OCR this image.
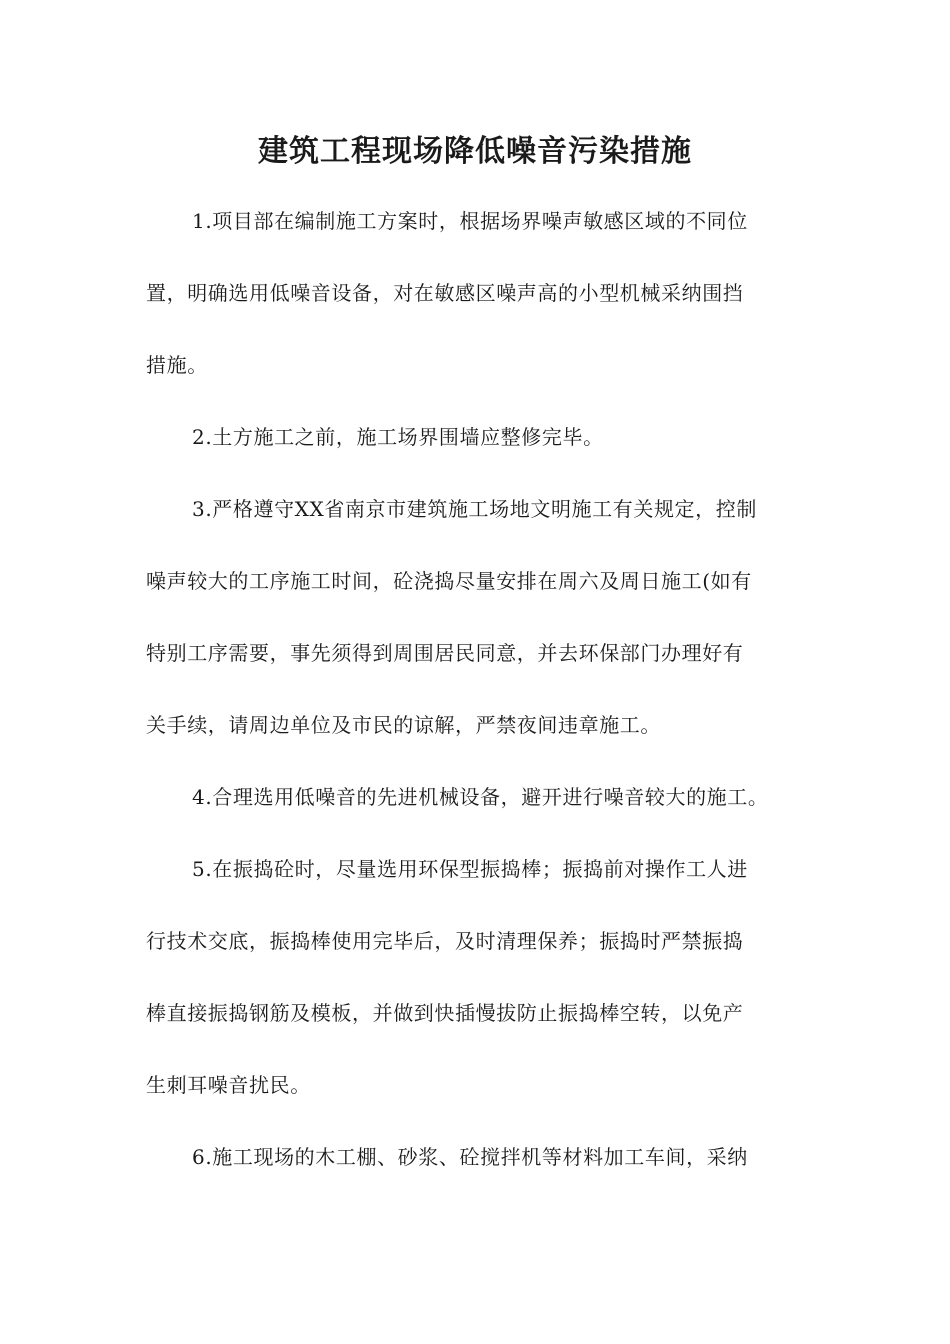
建筑工程现场降低噪音污染措施
1.项目部在编制施工方案时，根据场界噪声敏感区域的不同位
置，明确选用低噪音设备，对在敏感区噪声高的小型机械采纳围挡
措施。
2.土方施工之前，施工场界围墙应整修完毕。
3.严格遵守XX省南京市建筑施工场地文明施工有关规定，控制
噪声较大的工序施工时间，砼浇捣尽量安排在周六及周日施工(如有
特别工序需要，事先须得到周围居民同意，并去环保部门办理好有
关手续，请周边单位及市民的谅解，严禁夜间违章施工。
4.合理选用低噪音的先进机械设备，避开进行噪音较大的施工。
5.在振捣砼时，尽量选用环保型振捣棒；振捣前对操作工人进
行技术交底，振捣棒使用完毕后，及时清理保养；振捣时严禁振捣
棒直接振捣钢筋及模板，并做到快插慢拔防止振捣棒空转，以免产
生刺耳噪音扰民。
6.施工现场的木工棚、砂浆、砼搅拌机等材料加工车间，采纳
